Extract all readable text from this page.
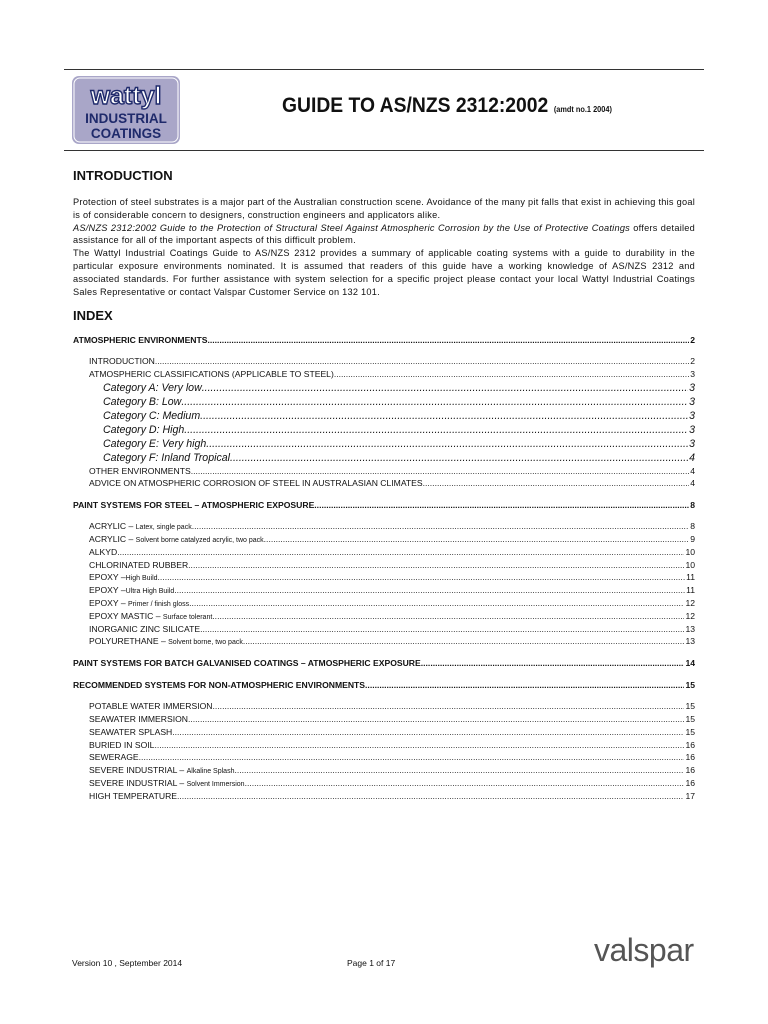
wattyl
INDUSTRIAL
COATINGS
GUIDE TO AS/NZS 2312:2002 (amdt no.1 2004)
INTRODUCTION

Protection of steel substrates is a major part of the Australian construction scene. Avoidance of the many pit falls that exist in achieving this goal is of considerable concern to designers, construction engineers and applicators alike.

AS/NZS 2312:2002 Guide to the Protection of Structural Steel Against Atmospheric Corrosion by the Use of Protective Coatings offers detailed assistance for all of the important aspects of this difficult problem.

The Wattyl Industrial Coatings Guide to AS/NZS 2312 provides a summary of applicable coating systems with a guide to durability in the particular exposure environments nominated. It is assumed that readers of this guide have a working knowledge of AS/NZS 2312 and associated standards. For further assistance with system selection for a specific project please contact your local Wattyl Industrial Coatings Sales Representative or contact Valspar Customer Service on 132 101.

INDEX
ATMOSPHERIC ENVIRONMENTS .....	2
INTRODUCTION .....	2
ATMOSPHERIC CLASSIFICATIONS (APPLICABLE TO STEEL) .....	3
Category A: Very low .....	3
Category B: Low .....	3
Category C: Medium .....	3
Category D: High .....	3
Category E: Very high .....	3
Category F: Inland Tropical .....	4
OTHER ENVIRONMENTS .....	4
ADVICE ON ATMOSPHERIC CORROSION OF STEEL IN AUSTRALASIAN CLIMATES .....	4
PAINT SYSTEMS FOR STEEL – ATMOSPHERIC EXPOSURE .....	8
ACRYLIC – Latex, single pack .....	8
ACRYLIC – Solvent borne catalyzed acrylic, two pack .....	9
ALKYD .....	10
CHLORINATED RUBBER .....	10
EPOXY –High Build .....	11
EPOXY –Ultra High Build .....	11
EPOXY – Primer / finish gloss .....	12
EPOXY MASTIC – Surface tolerant .....	12
INORGANIC ZINC SILICATE .....	13
POLYURETHANE – Solvent borne, two pack .....	13
PAINT SYSTEMS FOR BATCH GALVANISED COATINGS – ATMOSPHERIC EXPOSURE .....	14
RECOMMENDED SYSTEMS FOR NON-ATMOSPHERIC ENVIRONMENTS .....	15
POTABLE WATER IMMERSION .....	15
SEAWATER IMMERSION .....	15
SEAWATER SPLASH .....	15
BURIED IN SOIL .....	16
SEWERAGE .....	16
SEVERE INDUSTRIAL – Alkaline Splash .....	16
SEVERE INDUSTRIAL – Solvent Immersion .....	16
HIGH TEMPERATURE .....	17
Version 10 , September 2014	Page 1 of 17	valspar
